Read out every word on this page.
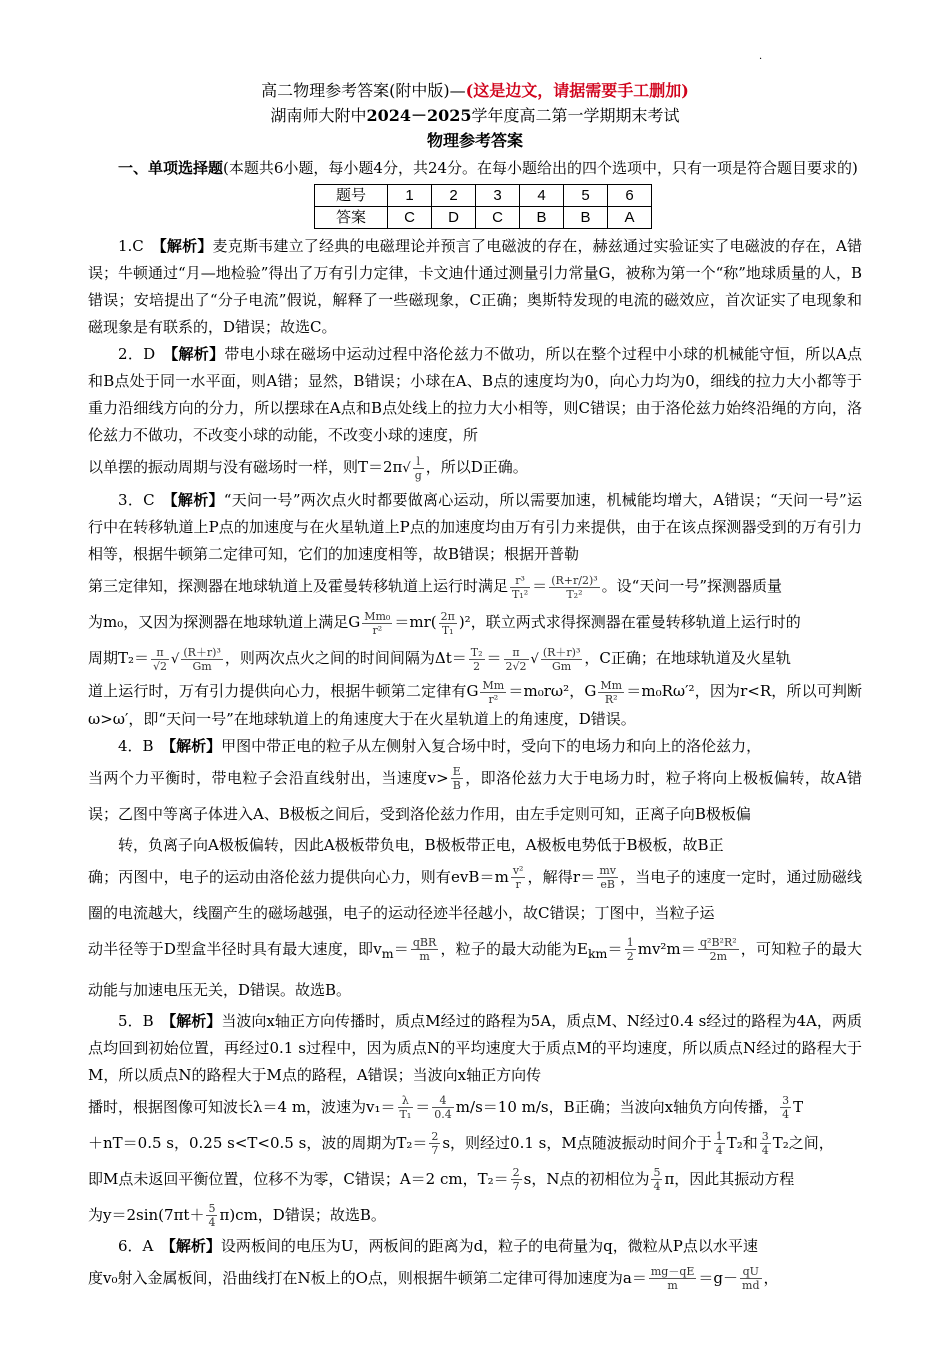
·
高二物理参考答案(附中版)—(这是边文，请据需要手工删加)
湖南师大附中2024－2025学年度高二第一学期期末考试
物理参考答案

一、单项选择题(本题共6小题，每小题4分，共24分。在每小题给出的四个选项中，只有一项是符合题目要求的)

题号	1	2	3	4	5	6
答案	C	D	C	B	B	A

1.C　 【解析】麦克斯韦建立了经典的电磁理论并预言了电磁波的存在，赫兹通过实验证实了电磁波的存在，A错误；牛顿通过“月—地检验”得出了万有引力定律，卡文迪什通过测量引力常量G，被称为第一个“称”地球质量的人，B错误；安培提出了“分子电流”假说，解释了一些磁现象，C正确；奥斯特发现的电流的磁效应，首次证实了电现象和磁现象是有联系的，D错误；故选C。

2．D　 【解析】带电小球在磁场中运动过程中洛伦兹力不做功，所以在整个过程中小球的机械能守恒，所以A点和B点处于同一水平面，则A错；显然，B错误；小球在A、B点的速度均为0，向心力均为0，细线的拉力大小都等于重力沿细线方向的分力，所以摆球在A点和B点处线上的拉力大小相等，则C错误；由于洛伦兹力始终沿绳的方向，洛伦兹力不做功，不改变小球的动能，不改变小球的速度，所

以单摆的振动周期与没有磁场时一样，则$T=2\pi√ \frac{l}{g}$ ，所以D正确。

3．C　 【解析】“天问一号”两次点火时都要做离心运动，所以需要加速，机械能均增大，A错误；“天问一号”运行中在转移轨道上P点的加速度与在火星轨道上P点的加速度均由万有引力来提供，由于在该点探测器受到的万有引力相等，根据牛顿第二定律可知，它们的加速度相等，故B错误；根据开普勒

第三定律知，探测器在地球轨道上及霍曼转移轨道上运行时满足 $\frac{\text{r³}}{\text{T₁²}} = \frac{\text{(R+r/2)³}}{\text{T₂²}}$ 。设“天问一号”探测器质量

为m₀，又因为探测器在地球轨道上满足G $\frac{\text{Mm₀}}{\text{r²}} =mr( \frac{2\pi}{\text{T₁}} )^2$，联立两式求得探测器在霍曼转移轨道上运行时的

周期$T_2= \frac{\pi}{√2}$ √ $\frac{\text{(R＋r)³}}{Gm}$ ，则两次点火之间的时间间隔为$\Delta t= \frac{\text{T₂}}{2} = \frac{\pi}{2√2}$ √ $\frac{\text{(R＋r)³}}{Gm}$ ，C正确；在地球轨道及火星轨

道上运行时，万有引力提供向心力，根据牛顿第二定律有G $\frac{Mm}{\text{r²}} =m_0r\omega^2$，G $\frac{Mm}{\text{R²}} =m_0R\omega'^2$，因为r<R，所以可判断ω>ω′，即“天问一号”在地球轨道上的角速度大于在火星轨道上的角速度，D错误。

4．B　 【解析】甲图中带正电的粒子从左侧射入复合场中时，受向下的电场力和向上的洛伦兹力，

当两个力平衡时，带电粒子会沿直线射出，当速度$v> \frac{E}{B}$ ，即洛伦兹力大于电场力时，粒子将向上极板偏转，故A错误；乙图中等离子体进入A、B极板之间后，受到洛伦兹力作用，由左手定则可知，正离子向B极板偏

转，负离子向A极板偏转，因此A极板带负电，B极板带正电，A极板电势低于B极板，故B正

确；丙图中，电子的运动由洛伦兹力提供向心力，则有$evB=m \frac{\text{v²}}{r}$ ，解得$r= \frac{mv}{eB}$ ，当电子的速度一定时，通过励磁线圈的电流越大，线圈产生的磁场越强，电子的运动径迹半径越小，故C错误；丁图中，当粒子运

动半径等于D型盒半径时具有最大速度，即$v_m= \frac{\text{qBR}}{m}$ ，粒子的最大动能为$E_{km}= \frac{1}{2} mv^2m= \frac{\text{q²B²R²}}{2m}$ ，可知粒子的最大动能与加速电压无关，D错误。故选B。

5．B　 【解析】当波向x轴正方向传播时，质点M经过的路程为5A，质点M、N经过0.4 s经过的路程为4A，两质点均回到初始位置，再经过0.1 s过程中，因为质点N的平均速度大于质点M的平均速度，所以质点N经过的路程大于M，所以质点N的路程大于M点的路程，A错误；当波向x轴正方向传

播时，根据图像可知波长λ＝4 m，波速为$v_1= \frac{\lambda}{\text{T₁}} = \frac{4}{0.4} m/s=10$ m/s，B正确；当波向x轴负方向传播， $\frac{3}{4}$ T

＋nT＝0.5 s，0.25 s<T<0.5 s，波的周期为$T_2= \frac{2}{7}$ s，则经过0.1 s，M点随波振动时间介于 $\frac{1}{4} T_2$和 $\frac{3}{4} T_2$之间，

即M点未返回平衡位置，位移不为零，C错误；A＝2 cm，$T_2= \frac{2}{7}$ s，N点的初相位为 $\frac{5}{4}$ π，因此其振动方程

为$y=2\sin(7\pi t+ \frac{5}{4} \pi)cm$，D错误；故选B。

6．A　 【解析】设两板间的电压为U，两板间的距离为d，粒子的电荷量为q，微粒从P点以水平速

度v₀射入金属板间，沿曲线打在N板上的O点，则根据牛顿第二定律可得加速度为$a= \frac{mg-qE}{m} =g- \frac{qU}{md}$ ，
